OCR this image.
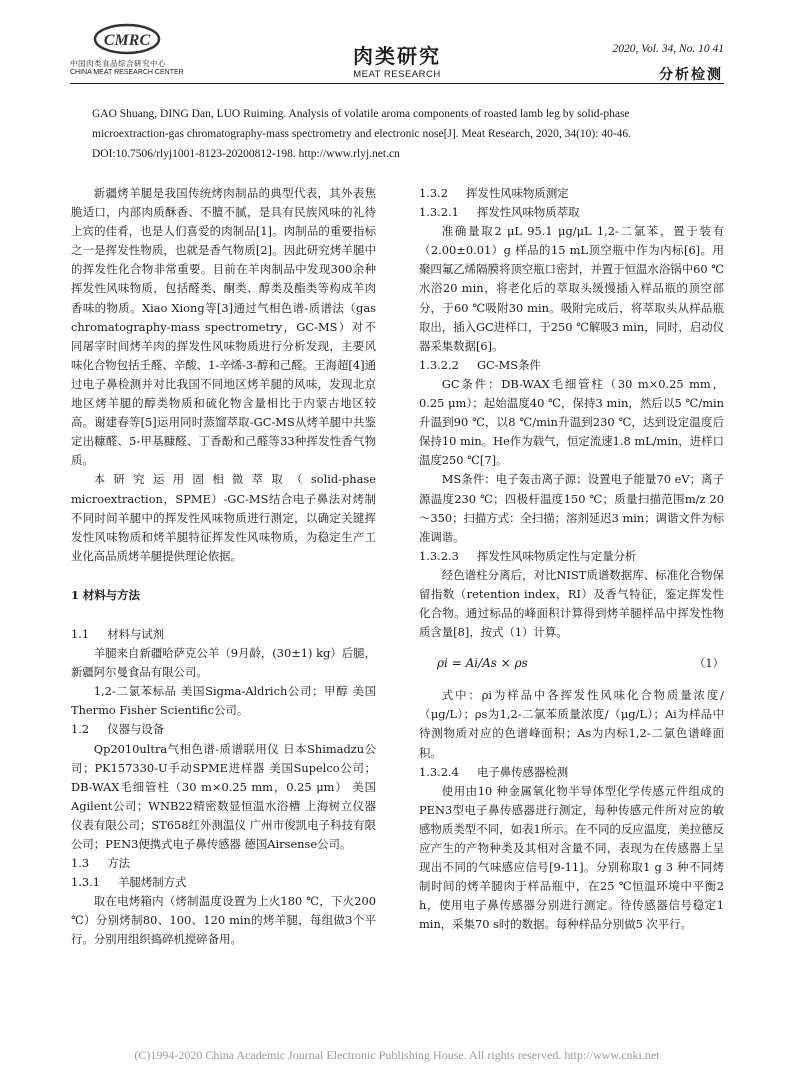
CMRC
中国肉类食品综合研究中心
CHINA MEAT RESEARCH CENTER
肉类研究
MEAT RESEARCH
2020, Vol. 34, No. 10 41
分析检测
GAO Shuang, DING Dan, LUO Ruiming. Analysis of volatile aroma components of roasted lamb leg by solid-phase
microextraction-gas chromatography-mass spectrometry and electronic nose[J]. Meat Research, 2020, 34(10): 40-46.
DOI:10.7506/rlyj1001-8123-20200812-198. http://www.rlyj.net.cn

新疆烤羊腿是我国传统烤肉制品的典型代表，其外表焦脆适口，内部肉质酥香、不膻不腻，是具有民族风味的礼待上宾的佳肴，也是人们喜爱的肉制品[1]。肉制品的重要指标之一是挥发性物质，也就是香气物质[2]。因此研究烤羊腿中的挥发性化合物非常重要。目前在羊肉制品中发现300余种挥发性风味物质，包括醛类、酮类、醇类及酯类等构成羊肉香味的物质。Xiao Xiong等[3]通过气相色谱-质谱法（gas chromatography-mass spectrometry，GC-MS）对不同屠宰时间烤羊肉的挥发性风味物质进行分析发现，主要风味化合物包括壬醛、辛酸、1-辛烯-3-醇和己醛。王海超[4]通过电子鼻检测并对比我国不同地区烤羊腿的风味，发现北京地区烤羊腿的醇类物质和硫化物含量相比于内蒙古地区较高。谢建春等[5]运用同时蒸馏萃取-GC-MS从烤羊腿中共鉴定出糠醛、5-甲基糠醛、丁香酚和己醛等33种挥发性香气物质。

本研究运用固相微萃取（solid-phase microextraction，SPME）-GC-MS结合电子鼻法对烤制不同时间羊腿中的挥发性风味物质进行测定，以确定关键挥发性风味物质和烤羊腿特征挥发性风味物质，为稳定生产工业化高品质烤羊腿提供理论依据。

1 材料与方法
1.1     材料与试剂

羊腿来自新疆哈萨克公羊（9月龄，(30±1) kg）后腿，新疆阿尔曼食品有限公司。

1,2-二氯苯标品 美国Sigma-Aldrich公司；甲醇 美国Thermo Fisher Scientific公司。

1.2     仪器与设备

Qp2010ultra气相色谱-质谱联用仪 日本Shimadzu公司；PK157330-U手动SPME进样器 美国Supelco公司；DB-WAX毛细管柱（30 m×0.25 mm，0.25 μm） 美国Agilent公司；WNB22精密数显恒温水浴槽 上海树立仪器仪表有限公司；ST658红外测温仪 广州市俊凯电子科技有限公司；PEN3便携式电子鼻传感器 德国Airsense公司。

1.3     方法
1.3.1     羊腿烤制方式

取在电烤箱内（烤制温度设置为上火180 ℃，下火200 ℃）分别烤制80、100、120 min的烤羊腿，每组做3个平行。分别用组织捣碎机搅碎备用。

1.3.2     挥发性风味物质测定
1.3.2.1     挥发性风味物质萃取

准确量取2 μL 95.1 μg/μL 1,2-二氯苯，置于装有（2.00±0.01）g 样品的15 mL顶空瓶中作为内标[6]。用聚四氟乙烯隔膜将顶空瓶口密封，并置于恒温水浴锅中60 ℃水浴20 min，将老化后的萃取头缓慢插入样品瓶的顶空部分，于60 ℃吸附30 min。吸附完成后，将萃取头从样品瓶取出，插入GC进样口，于250 ℃解吸3 min，同时，启动仪器采集数据[6]。

1.3.2.2     GC-MS条件

GC条件：DB-WAX毛细管柱（30 m×0.25 mm，0.25 μm）；起始温度40 ℃，保持3 min，然后以5 ℃/min升温到90 ℃，以8 ℃/min升温到230 ℃，达到设定温度后保持10 min。He作为载气，恒定流速1.8 mL/min，进样口温度250 ℃[7]。

MS条件：电子轰击离子源；设置电子能量70 eV；离子源温度230 ℃；四极杆温度150 ℃；质量扫描范围m/z 20～350；扫描方式：全扫描；溶剂延迟3 min；调谐文件为标准调谐。

1.3.2.3     挥发性风味物质定性与定量分析

经色谱柱分离后，对比NIST质谱数据库、标准化合物保留指数（retention index，RI）及香气特征，鉴定挥发性化合物。通过标品的峰面积计算得到烤羊腿样品中挥发性物质含量[8]，按式（1）计算。

ρi = Ai/As × ρs	（1）

式中：ρi为样品中各挥发性风味化合物质量浓度/（μg/L）；ρs为1,2-二氯苯质量浓度/（μg/L）；Ai为样品中待测物质对应的色谱峰面积；As为内标1,2-二氯色谱峰面积。

1.3.2.4     电子鼻传感器检测

使用由10 种金属氧化物半导体型化学传感元件组成的PEN3型电子鼻传感器进行测定，每种传感元件所对应的敏感物质类型不同，如表1所示。在不同的反应温度，美拉德反应产生的产物种类及其相对含量不同，表现为在传感器上呈现出不同的气味感应信号[9-11]。分别称取1 g 3 种不同烤制时间的烤羊腿肉于样品瓶中，在25 ℃恒温环境中平衡2 h，使用电子鼻传感器分别进行测定。待传感器信号稳定1 min，采集70 s时的数据。每种样品分别做5 次平行。

(C)1994-2020 China Academic Journal Electronic Publishing House. All rights reserved. http://www.cnki.net
